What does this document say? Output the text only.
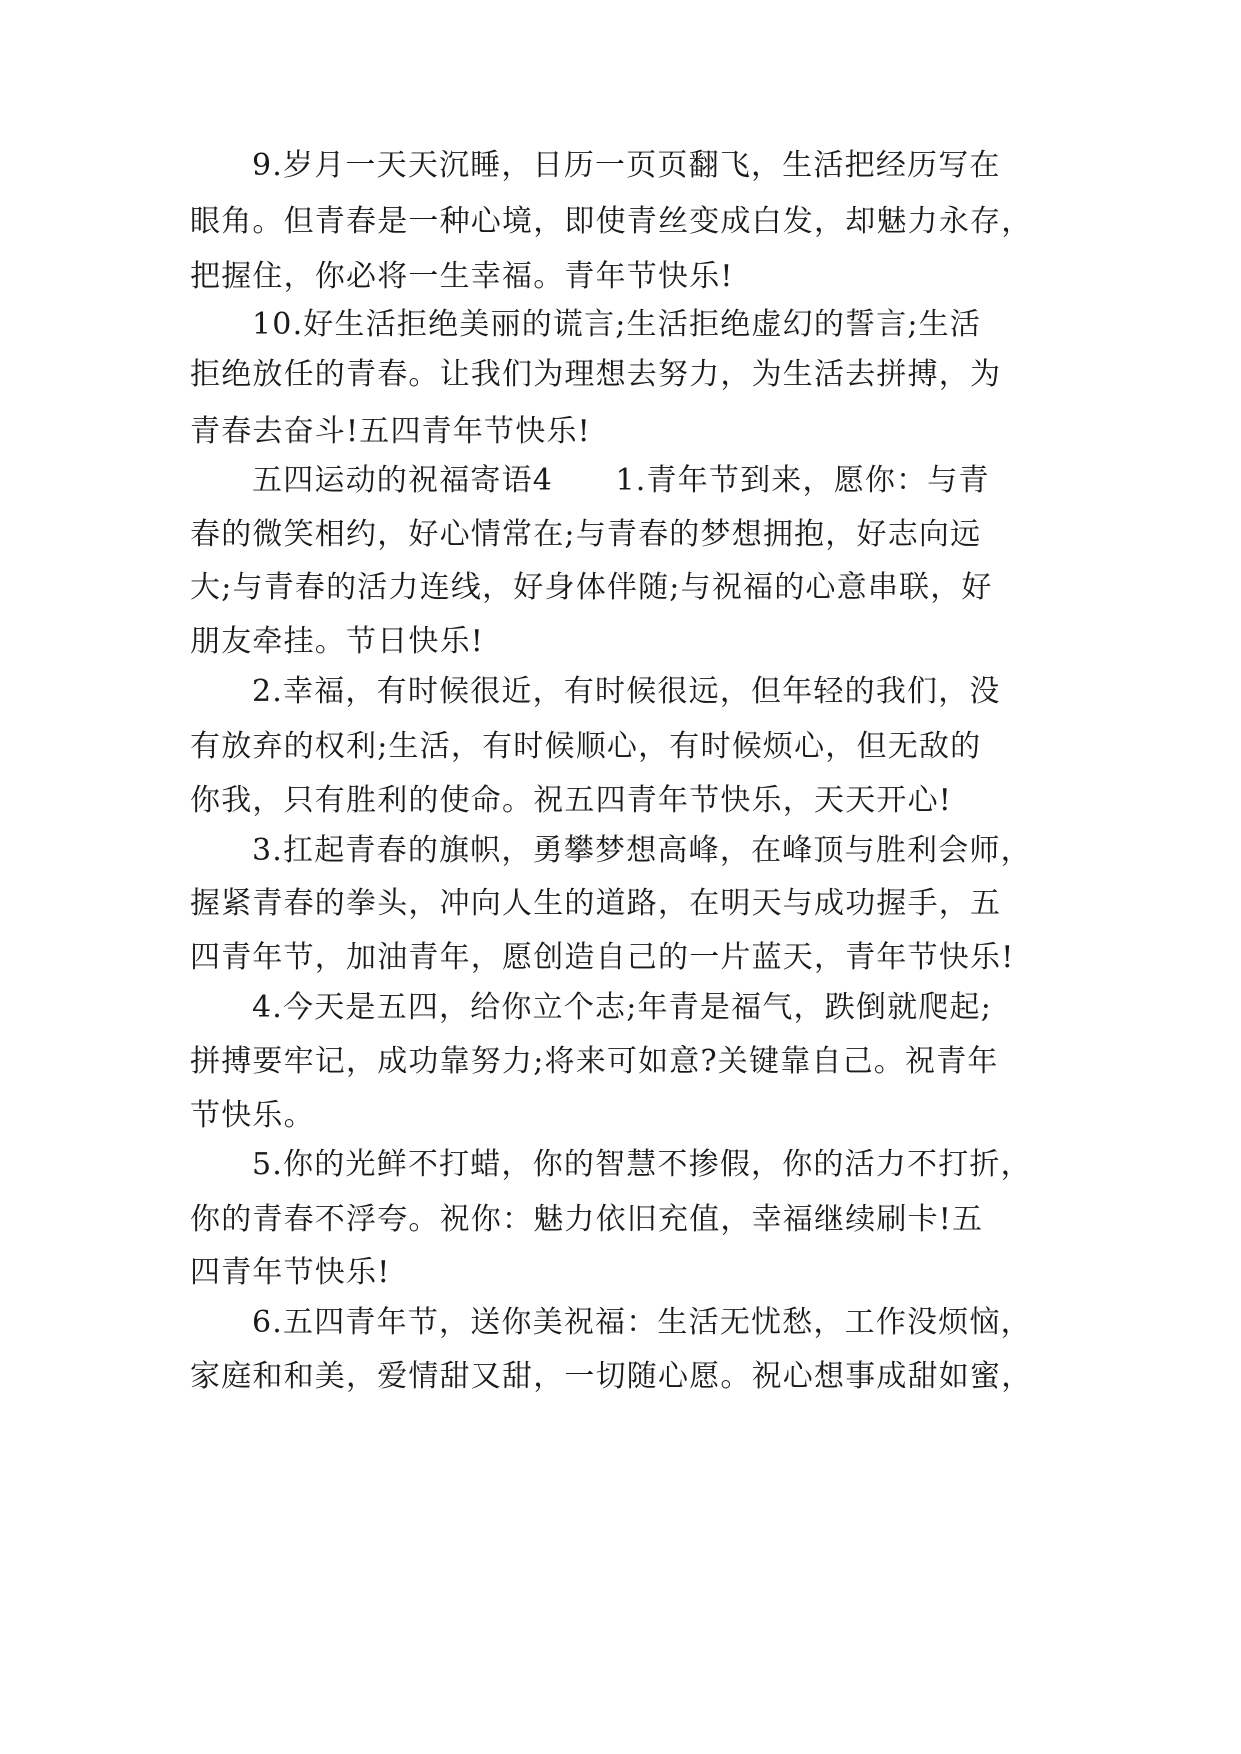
9.岁月一天天沉睡，日历一页页翻飞，生活把经历写在
眼角。但青春是一种心境，即使青丝变成白发，却魅力永存，
把握住，你必将一生幸福。青年节快乐!
10.好生活拒绝美丽的谎言;生活拒绝虚幻的誓言;生活
拒绝放任的青春。让我们为理想去努力，为生活去拼搏，为
青春去奋斗!五四青年节快乐!
五四运动的祝福寄语4　　1.青年节到来，愿你：与青
春的微笑相约，好心情常在;与青春的梦想拥抱，好志向远
大;与青春的活力连线，好身体伴随;与祝福的心意串联，好
朋友牵挂。节日快乐!
2.幸福，有时候很近，有时候很远，但年轻的我们，没
有放弃的权利;生活，有时候顺心，有时候烦心，但无敌的
你我，只有胜利的使命。祝五四青年节快乐，天天开心!
3.扛起青春的旗帜，勇攀梦想高峰，在峰顶与胜利会师，
握紧青春的拳头，冲向人生的道路，在明天与成功握手，五
四青年节，加油青年，愿创造自己的一片蓝天，青年节快乐!
4.今天是五四，给你立个志;年青是福气，跌倒就爬起;
拼搏要牢记，成功靠努力;将来可如意?关键靠自己。祝青年
节快乐。
5.你的光鲜不打蜡，你的智慧不掺假，你的活力不打折，
你的青春不浮夸。祝你：魅力依旧充值，幸福继续刷卡!五
四青年节快乐!
6.五四青年节，送你美祝福：生活无忧愁，工作没烦恼，
家庭和和美，爱情甜又甜，一切随心愿。祝心想事成甜如蜜，
